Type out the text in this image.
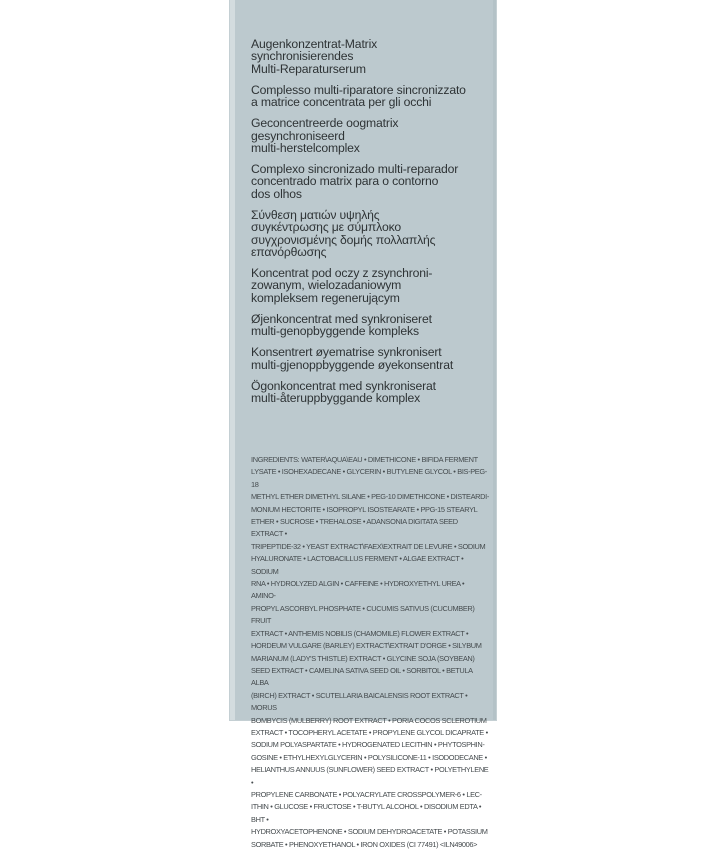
Augenkonzentrat-Matrix
synchronisierendes
Multi-Reparaturserum
Complesso multi-riparatore sincronizzato
a matrice concentrata per gli occhi
Geconcentreerde oogmatrix
gesynchroniseerd
multi-herstelcomplex
Complexo sincronizado multi-reparador
concentrado matrix para o contorno
dos olhos
Σύνθεση ματιών υψηλής
συγκέντρωσης με σύμπλοκο
συγχρονισμένης δομής πολλαπλής
επανόρθωσης
Koncentrat pod oczy z zsynchroni-
zowanym, wielozadaniowym
kompleksem regenerującym
Øjenkoncentrat med synkroniseret
multi-genopbyggende kompleks
Konsentrert øyematrise synkronisert
multi-gjenoppbyggende øyekonsentrat
Ögonkoncentrat med synkroniserat
multi-återuppbyggande komplex
INGREDIENTS: WATER\AQUA\EAU • DIMETHICONE • BIFIDA FERMENT
LYSATE • ISOHEXADECANE • GLYCERIN • BUTYLENE GLYCOL • BIS-PEG-18
METHYL ETHER DIMETHYL SILANE • PEG-10 DIMETHICONE • DISTEARDI-
MONIUM HECTORITE • ISOPROPYL ISOSTEARATE • PPG-15 STEARYL
ETHER • SUCROSE • TREHALOSE • ADANSONIA DIGITATA SEED EXTRACT •
TRIPEPTIDE-32 • YEAST EXTRACT\FAEX\EXTRAIT DE LEVURE • SODIUM
HYALURONATE • LACTOBACILLUS FERMENT • ALGAE EXTRACT • SODIUM
RNA • HYDROLYZED ALGIN • CAFFEINE • HYDROXYETHYL UREA • AMINO-
PROPYL ASCORBYL PHOSPHATE • CUCUMIS SATIVUS (CUCUMBER) FRUIT
EXTRACT • ANTHEMIS NOBILIS (CHAMOMILE) FLOWER EXTRACT •
HORDEUM VULGARE (BARLEY) EXTRACT\EXTRAIT D'ORGE • SILYBUM
MARIANUM (LADY'S THISTLE) EXTRACT • GLYCINE SOJA (SOYBEAN)
SEED EXTRACT • CAMELINA SATIVA SEED OIL • SORBITOL • BETULA ALBA
(BIRCH) EXTRACT • SCUTELLARIA BAICALENSIS ROOT EXTRACT • MORUS
BOMBYCIS (MULBERRY) ROOT EXTRACT • PORIA COCOS SCLEROTIUM
EXTRACT • TOCOPHERYL ACETATE • PROPYLENE GLYCOL DICAPRATE •
SODIUM POLYASPARTATE • HYDROGENATED LECITHIN • PHYTOSPHIN-
GOSINE • ETHYLHEXYLGLYCERIN • POLYSILICONE-11 • ISODODECANE •
HELIANTHUS ANNUUS (SUNFLOWER) SEED EXTRACT • POLYETHYLENE •
PROPYLENE CARBONATE • POLYACRYLATE CROSSPOLYMER-6 • LEC-
ITHIN • GLUCOSE • FRUCTOSE • T-BUTYL ALCOHOL • DISODIUM EDTA • BHT •
HYDROXYACETOPHENONE • SODIUM DEHYDROACETATE • POTASSIUM
SORBATE • PHENOXYETHANOL • IRON OXIDES (CI 77491) <ILN49006>
